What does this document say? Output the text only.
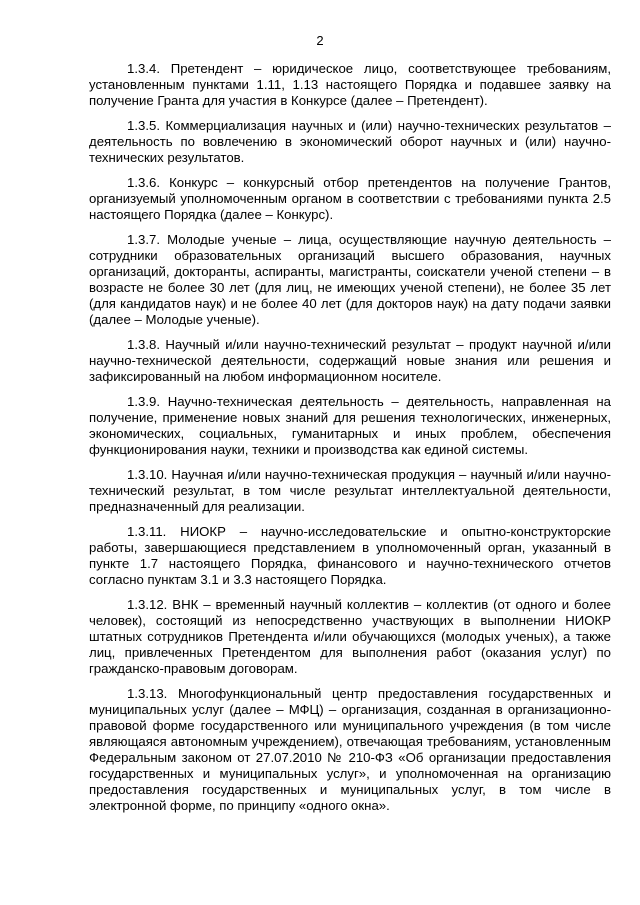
2

1.3.4. Претендент – юридическое лицо, соответствующее требованиям, установленным пунктами 1.11, 1.13 настоящего Порядка и подавшее заявку на получение Гранта для участия в Конкурсе (далее – Претендент).

1.3.5. Коммерциализация научных и (или) научно-технических результатов – деятельность по вовлечению в экономический оборот научных и (или) научно-технических результатов.

1.3.6. Конкурс – конкурсный отбор претендентов на получение Грантов, организуемый уполномоченным органом в соответствии с требованиями пункта 2.5 настоящего Порядка (далее – Конкурс).

1.3.7. Молодые ученые – лица, осуществляющие научную деятельность – сотрудники образовательных организаций высшего образования, научных организаций, докторанты, аспиранты, магистранты, соискатели ученой степени – в возрасте не более 30 лет (для лиц, не имеющих ученой степени), не более 35 лет (для кандидатов наук) и не более 40 лет (для докторов наук) на дату подачи заявки (далее – Молодые ученые).

1.3.8. Научный и/или научно-технический результат – продукт научной и/или научно-технической деятельности, содержащий новые знания или решения и зафиксированный на любом информационном носителе.

1.3.9. Научно-техническая деятельность – деятельность, направленная на получение, применение новых знаний для решения технологических, инженерных, экономических, социальных, гуманитарных и иных проблем, обеспечения функционирования науки, техники и производства как единой системы.

1.3.10. Научная и/или научно-техническая продукция – научный и/или научно-технический результат, в том числе результат интеллектуальной деятельности, предназначенный для реализации.

1.3.11. НИОКР – научно-исследовательские и опытно-конструкторские работы, завершающиеся представлением в уполномоченный орган, указанный в пункте 1.7 настоящего Порядка, финансового и научно-технического отчетов согласно пунктам 3.1 и 3.3 настоящего Порядка.

1.3.12. ВНК – временный научный коллектив – коллектив (от одного и более человек), состоящий из непосредственно участвующих в выполнении НИОКР штатных сотрудников Претендента и/или обучающихся (молодых ученых), а также лиц, привлеченных Претендентом для выполнения работ (оказания услуг) по гражданско-правовым договорам.

1.3.13. Многофункциональный центр предоставления государственных и муниципальных услуг (далее – МФЦ) – организация, созданная в организационно-правовой форме государственного или муниципального учреждения (в том числе являющаяся автономным учреждением), отвечающая требованиям, установленным Федеральным законом от 27.07.2010 № 210-ФЗ «Об организации предоставления государственных и муниципальных услуг», и уполномоченная на организацию предоставления государственных и муниципальных услуг, в том числе в электронной форме, по принципу «одного окна».
